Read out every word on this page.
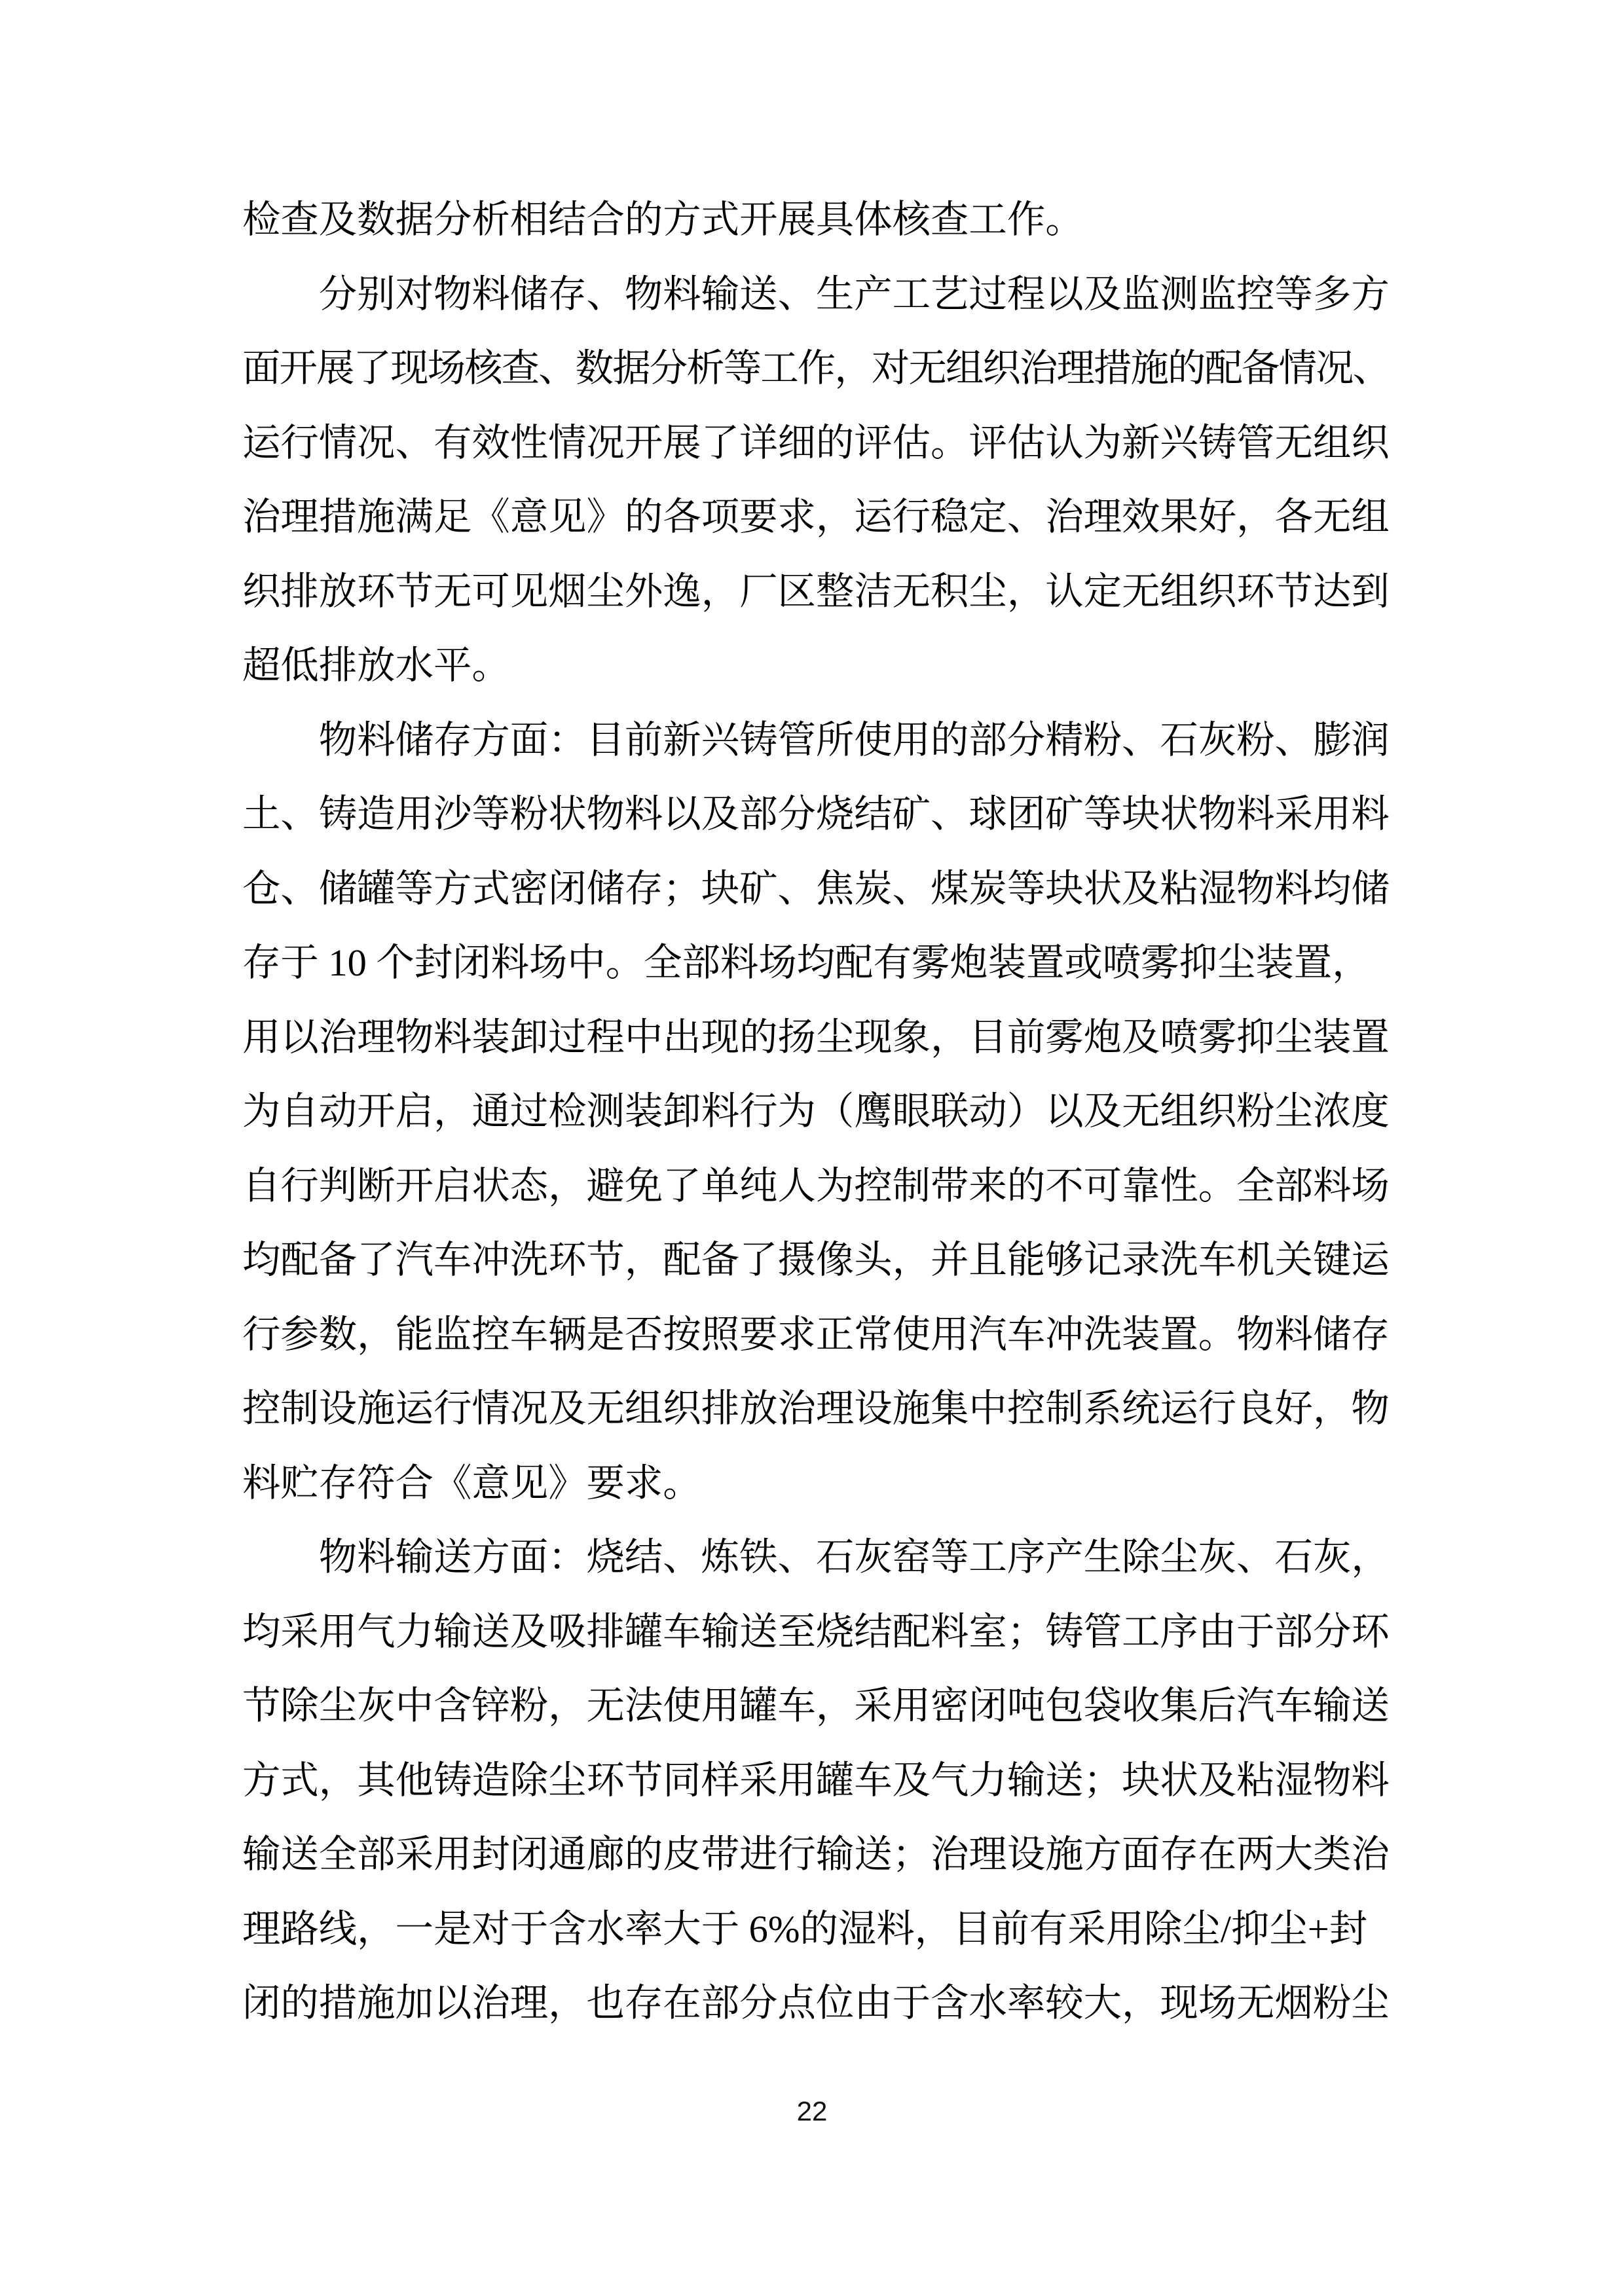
检查及数据分析相结合的方式开展具体核查工作。
　　分别对物料储存、物料输送、生产工艺过程以及监测监控等多方
面开展了现场核查、数据分析等工作，对无组织治理措施的配备情况、
运行情况、有效性情况开展了详细的评估。评估认为新兴铸管无组织
治理措施满足《意见》的各项要求，运行稳定、治理效果好，各无组
织排放环节无可见烟尘外逸，厂区整洁无积尘，认定无组织环节达到
超低排放水平。
　　物料储存方面：目前新兴铸管所使用的部分精粉、石灰粉、膨润
土、铸造用沙等粉状物料以及部分烧结矿、球团矿等块状物料采用料
仓、储罐等方式密闭储存；块矿、焦炭、煤炭等块状及粘湿物料均储
存于 10 个封闭料场中。全部料场均配有雾炮装置或喷雾抑尘装置，
用以治理物料装卸过程中出现的扬尘现象，目前雾炮及喷雾抑尘装置
为自动开启，通过检测装卸料行为（鹰眼联动）以及无组织粉尘浓度
自行判断开启状态，避免了单纯人为控制带来的不可靠性。全部料场
均配备了汽车冲洗环节，配备了摄像头，并且能够记录洗车机关键运
行参数，能监控车辆是否按照要求正常使用汽车冲洗装置。物料储存
控制设施运行情况及无组织排放治理设施集中控制系统运行良好，物
料贮存符合《意见》要求。
　　物料输送方面：烧结、炼铁、石灰窑等工序产生除尘灰、石灰，
均采用气力输送及吸排罐车输送至烧结配料室；铸管工序由于部分环
节除尘灰中含锌粉，无法使用罐车，采用密闭吨包袋收集后汽车输送
方式，其他铸造除尘环节同样采用罐车及气力输送；块状及粘湿物料
输送全部采用封闭通廊的皮带进行输送；治理设施方面存在两大类治
理路线，一是对于含水率大于 6%的湿料，目前有采用除尘/抑尘+封
闭的措施加以治理，也存在部分点位由于含水率较大，现场无烟粉尘
22
